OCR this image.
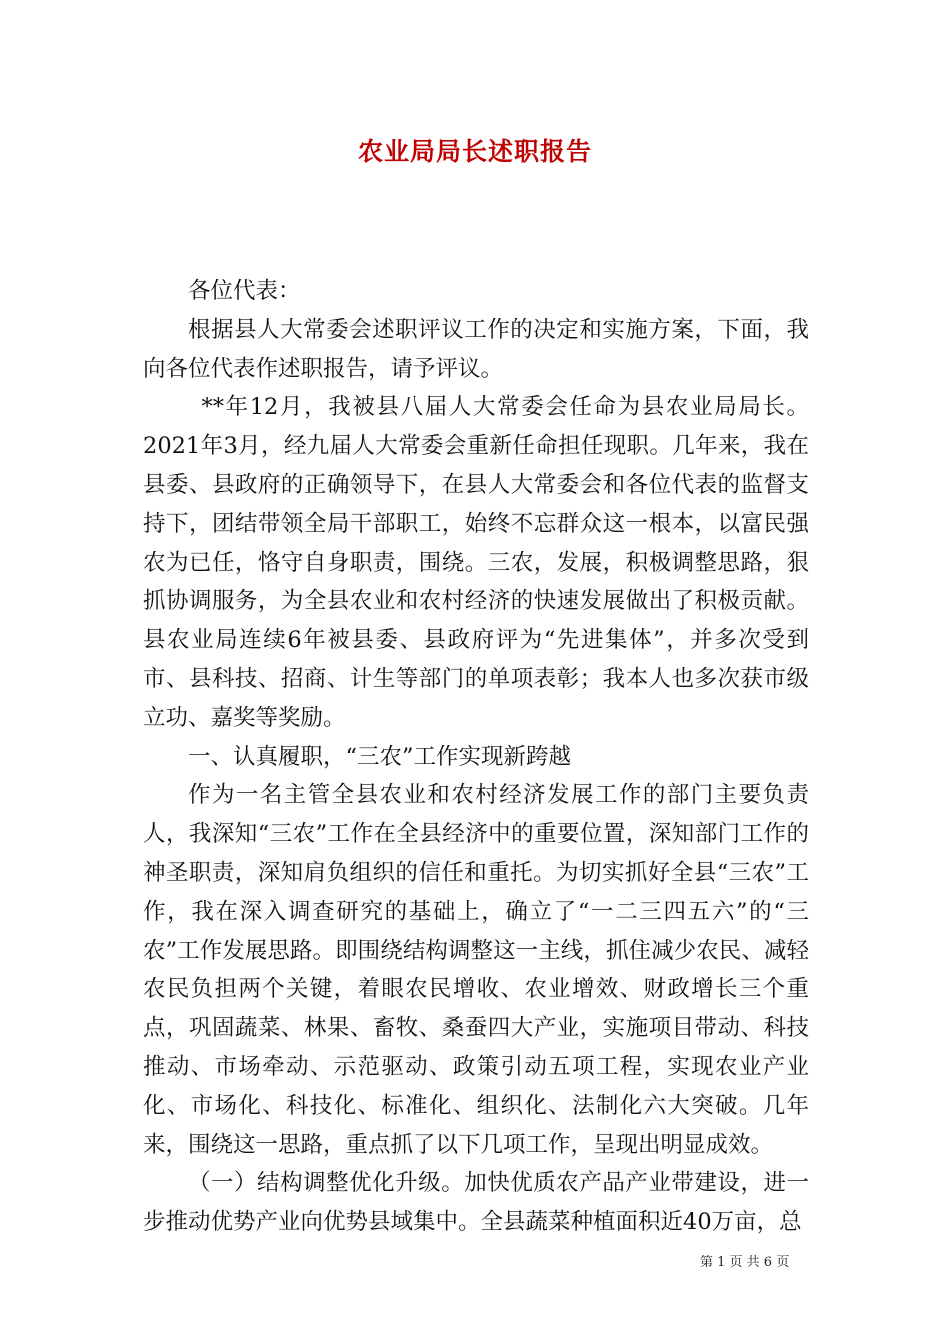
农业局局长述职报告

各位代表：

根据县人大常委会述职评议工作的决定和实施方案，下面，我向各位代表作述职报告，请予评议。

**年12月，我被县八届人大常委会任命为县农业局局长。2021年3月，经九届人大常委会重新任命担任现职。几年来，我在县委、县政府的正确领导下，在县人大常委会和各位代表的监督支持下，团结带领全局干部职工，始终不忘群众这一根本，以富民强农为已任，恪守自身职责，围绕。三农，发展，积极调整思路，狠抓协调服务，为全县农业和农村经济的快速发展做出了积极贡献。县农业局连续6年被县委、县政府评为“先进集体”，并多次受到市、县科技、招商、计生等部门的单项表彰；我本人也多次获市级立功、嘉奖等奖励。

一、认真履职，“三农”工作实现新跨越

作为一名主管全县农业和农村经济发展工作的部门主要负责人，我深知“三农”工作在全县经济中的重要位置，深知部门工作的神圣职责，深知肩负组织的信任和重托。为切实抓好全县“三农”工作，我在深入调查研究的基础上，确立了“一二三四五六”的“三农”工作发展思路。即围绕结构调整这一主线，抓住减少农民、减轻农民负担两个关键，着眼农民增收、农业增效、财政增长三个重点，巩固蔬菜、林果、畜牧、桑蚕四大产业，实施项目带动、科技推动、市场牵动、示范驱动、政策引动五项工程，实现农业产业化、市场化、科技化、标准化、组织化、法制化六大突破。几年来，围绕这一思路，重点抓了以下几项工作，呈现出明显成效。

（一）结构调整优化升级。加快优质农产品产业带建设，进一步推动优势产业向优势县域集中。全县蔬菜种植面积近40万亩，总

第 1 页 共 6 页
